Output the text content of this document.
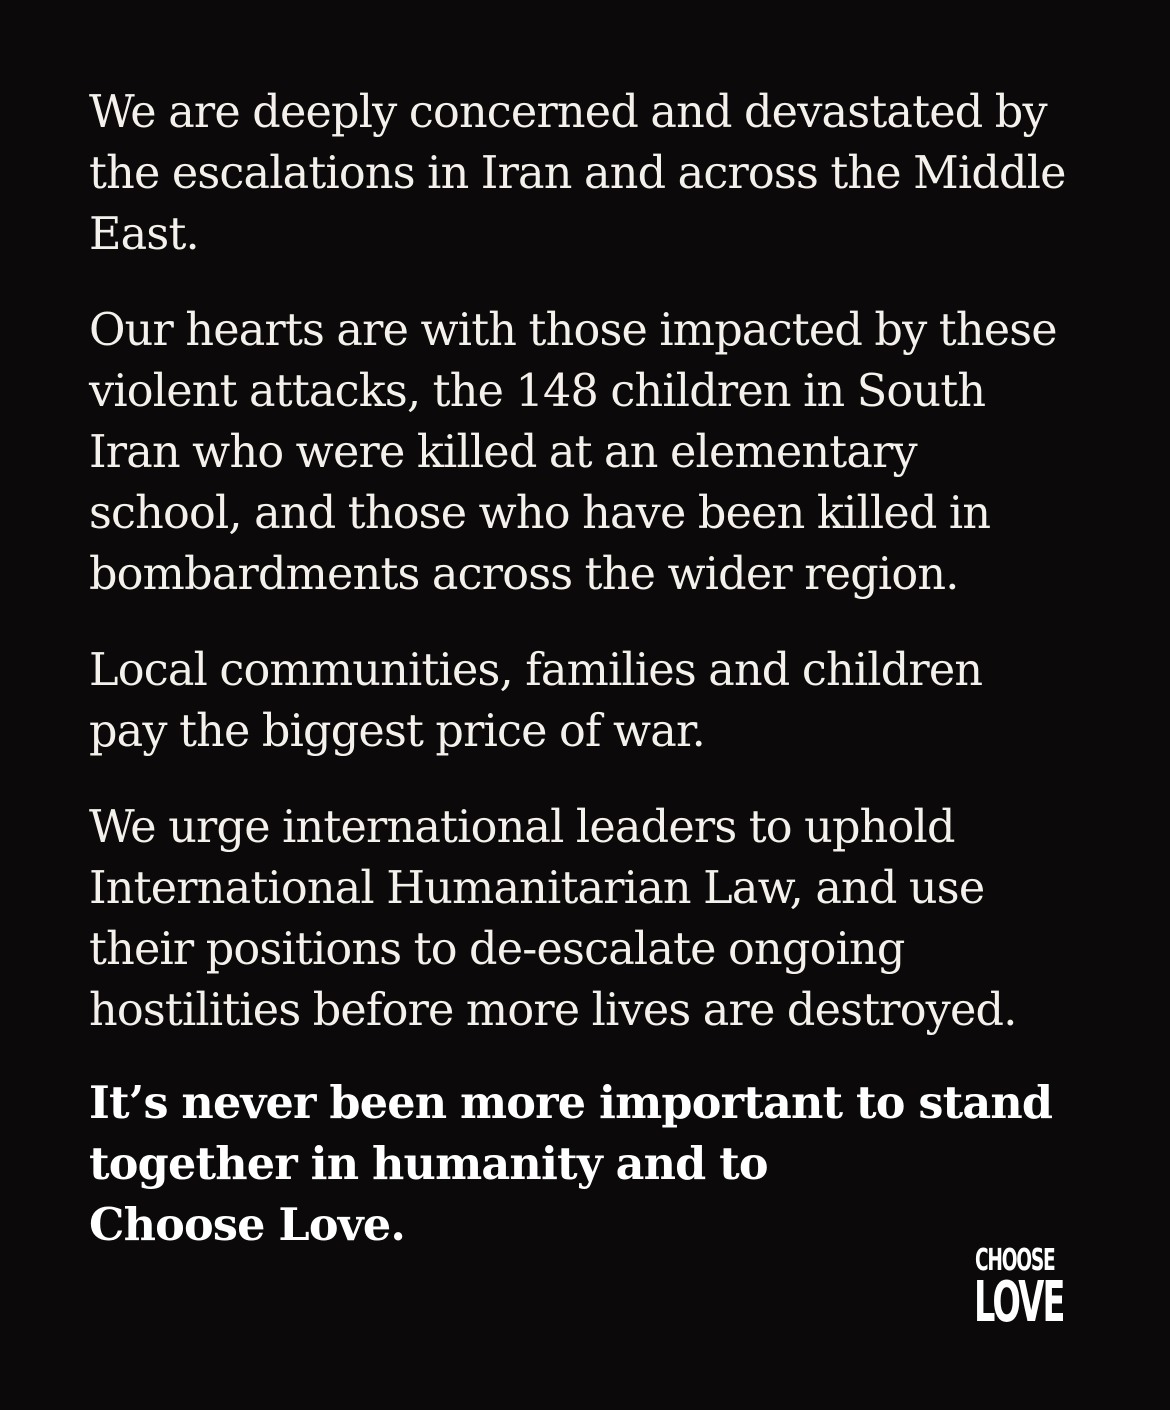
We are deeply concerned and devastated by
the escalations in Iran and across the Middle
East.

Our hearts are with those impacted by these
violent attacks, the 148 children in South
Iran who were killed at an elementary
school, and those who have been killed in
bombardments across the wider region.

Local communities, families and children
pay the biggest price of war.

We urge international leaders to uphold
International Humanitarian Law, and use
their positions to de-escalate ongoing
hostilities before more lives are destroyed.

It’s never been more important to stand
together in humanity and to
Choose Love.

CHOOSE
LOVE
